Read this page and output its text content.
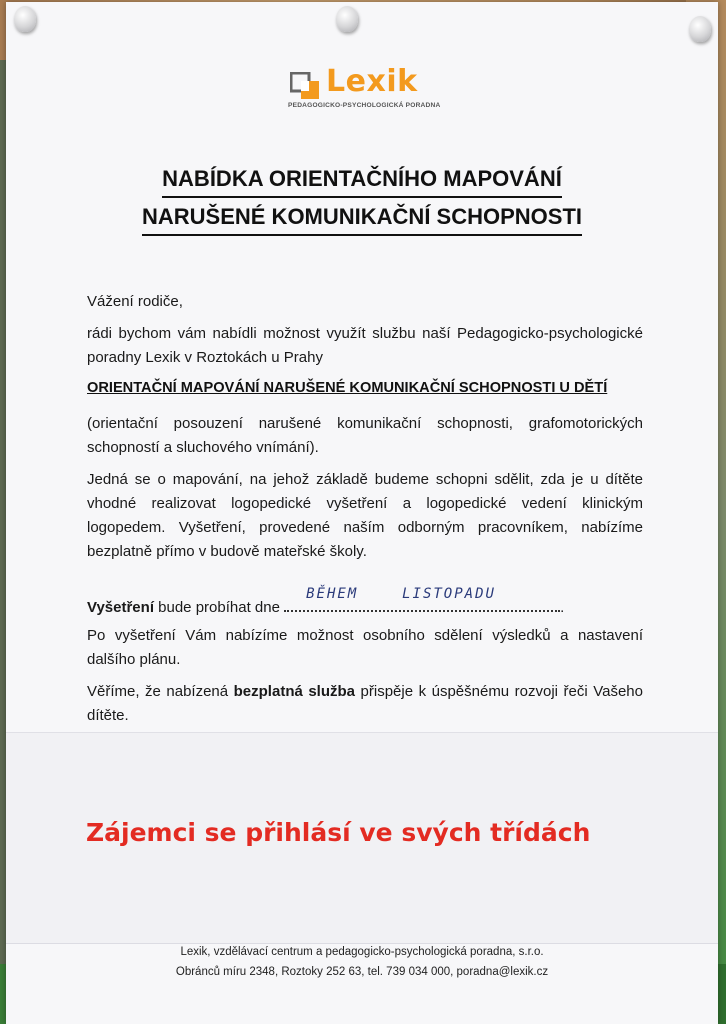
Lexik
PEDAGOGICKO-PSYCHOLOGICKÁ PORADNA
NABÍDKA ORIENTAČNÍHO MAPOVÁNÍ
NARUŠENÉ KOMUNIKAČNÍ SCHOPNOSTI
Vážení rodiče,
rádi bychom vám nabídli možnost využít službu naší Pedagogicko-psychologické poradny Lexik v Roztokách u Prahy
ORIENTAČNÍ MAPOVÁNÍ NARUŠENÉ KOMUNIKAČNÍ SCHOPNOSTI U DĚTÍ
(orientační posouzení narušené komunikační schopnosti, grafomotorických schopností a sluchového vnímání).
Jedná se o mapování, na jehož základě budeme schopni sdělit, zda je u dítěte vhodné realizovat logopedické vyšetření a logopedické vedení klinickým logopedem. Vyšetření, provedené naším odborným pracovníkem, nabízíme bezplatně přímo v budově mateřské školy.
Vyšetření bude probíhat dne
BĚHEM	LISTOPADU
.
Po vyšetření Vám nabízíme možnost osobního sdělení výsledků a nastavení dalšího plánu.
Věříme, že nabízená bezplatná služba přispěje k úspěšnému rozvoji řeči Vašeho dítěte.
Zájemci se přihlásí ve svých třídách
Lexik, vzdělávací centrum a pedagogicko-psychologická poradna, s.r.o.
Obránců míru 2348, Roztoky 252 63, tel. 739 034 000, poradna@lexik.cz
